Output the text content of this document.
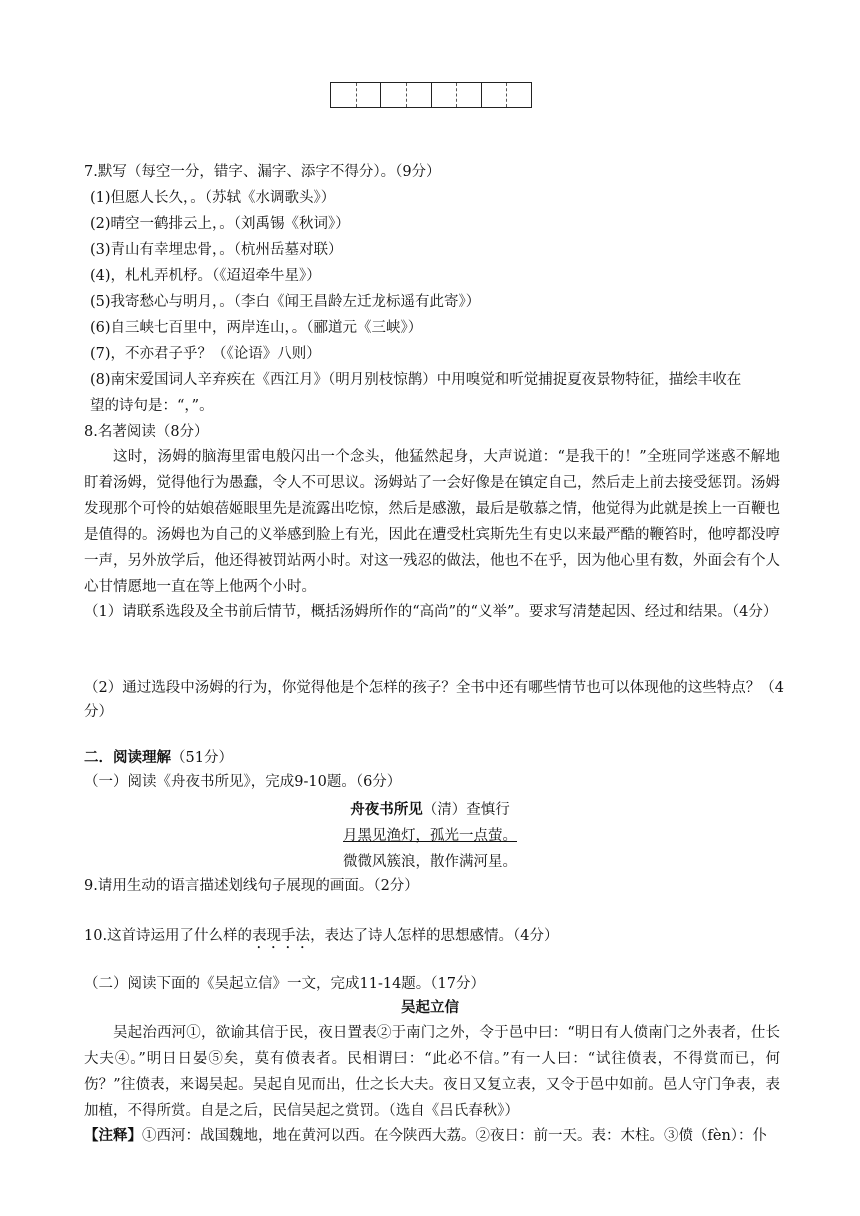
7.默写（每空一分，错字、漏字、添字不得分）。（9分）
(1)但愿人长久，。（苏轼《水调歌头》）
(2)晴空一鹤排云上，。（刘禹锡《秋词》）
(3)青山有幸埋忠骨，。（杭州岳墓对联）
(4)，札札弄机杼。（《迢迢牵牛星》）
(5)我寄愁心与明月，。（李白《闻王昌龄左迁龙标遥有此寄》）
(6)自三峡七百里中，两岸连山，。（郦道元《三峡》）
(7)，不亦君子乎？（《论语》八则）
(8)南宋爱国词人辛弃疾在《西江月》（明月别枝惊鹊）中用嗅觉和听觉捕捉夏夜景物特征，描绘丰收在
望的诗句是：“，”。
8.名著阅读（8分）
这时，汤姆的脑海里雷电般闪出一个念头，他猛然起身，大声说道：“是我干的！”全班同学迷惑不解地盯着汤姆，觉得他行为愚蠢，令人不可思议。汤姆站了一会好像是在镇定自己，然后走上前去接受惩罚。汤姆发现那个可怜的姑娘蓓姬眼里先是流露出吃惊，然后是感激，最后是敬慕之情，他觉得为此就是挨上一百鞭也是值得的。汤姆也为自己的义举感到脸上有光，因此在遭受杜宾斯先生有史以来最严酷的鞭笞时，他哼都没哼一声，另外放学后，他还得被罚站两小时。对这一残忍的做法，他也不在乎，因为他心里有数，外面会有个人心甘情愿地一直在等上他两个小时。
（1）请联系选段及全书前后情节，概括汤姆所作的“高尚”的“义举”。要求写清楚起因、经过和结果。（4分）
（2）通过选段中汤姆的行为，你觉得他是个怎样的孩子？全书中还有哪些情节也可以体现他的这些特点？（4分）
二．阅读理解（51分）
（一）阅读《舟夜书所见》，完成9-10题。（6分）
舟夜书所见（清）查慎行
月黑见渔灯，孤光一点萤。
微微风簇浪，散作满河星。
9.请用生动的语言描述划线句子展现的画面。（2分）
10.这首诗运用了什么样的表现手法，表达了诗人怎样的思想感情。（4分）
（二）阅读下面的《吴起立信》一文，完成11-14题。（17分）
吴起立信
吴起治西河①，欲谕其信于民，夜日置表②于南门之外，令于邑中曰：“明日有人偾南门之外表者，仕长大夫④。”明日日晏⑤矣，莫有偾表者。民相谓曰：“此必不信。”有一人曰：“试往偾表，不得赏而已，何伤？”往偾表，来谒吴起。吴起自见而出，仕之长大夫。夜日又复立表，又令于邑中如前。邑人守门争表，表加植，不得所赏。自是之后，民信吴起之赏罚。（选自《吕氏春秋》）
【注释】①西河：战国魏地，地在黄河以西。在今陕西大荔。②夜日：前一天。表：木柱。③偾（fèn）：仆
